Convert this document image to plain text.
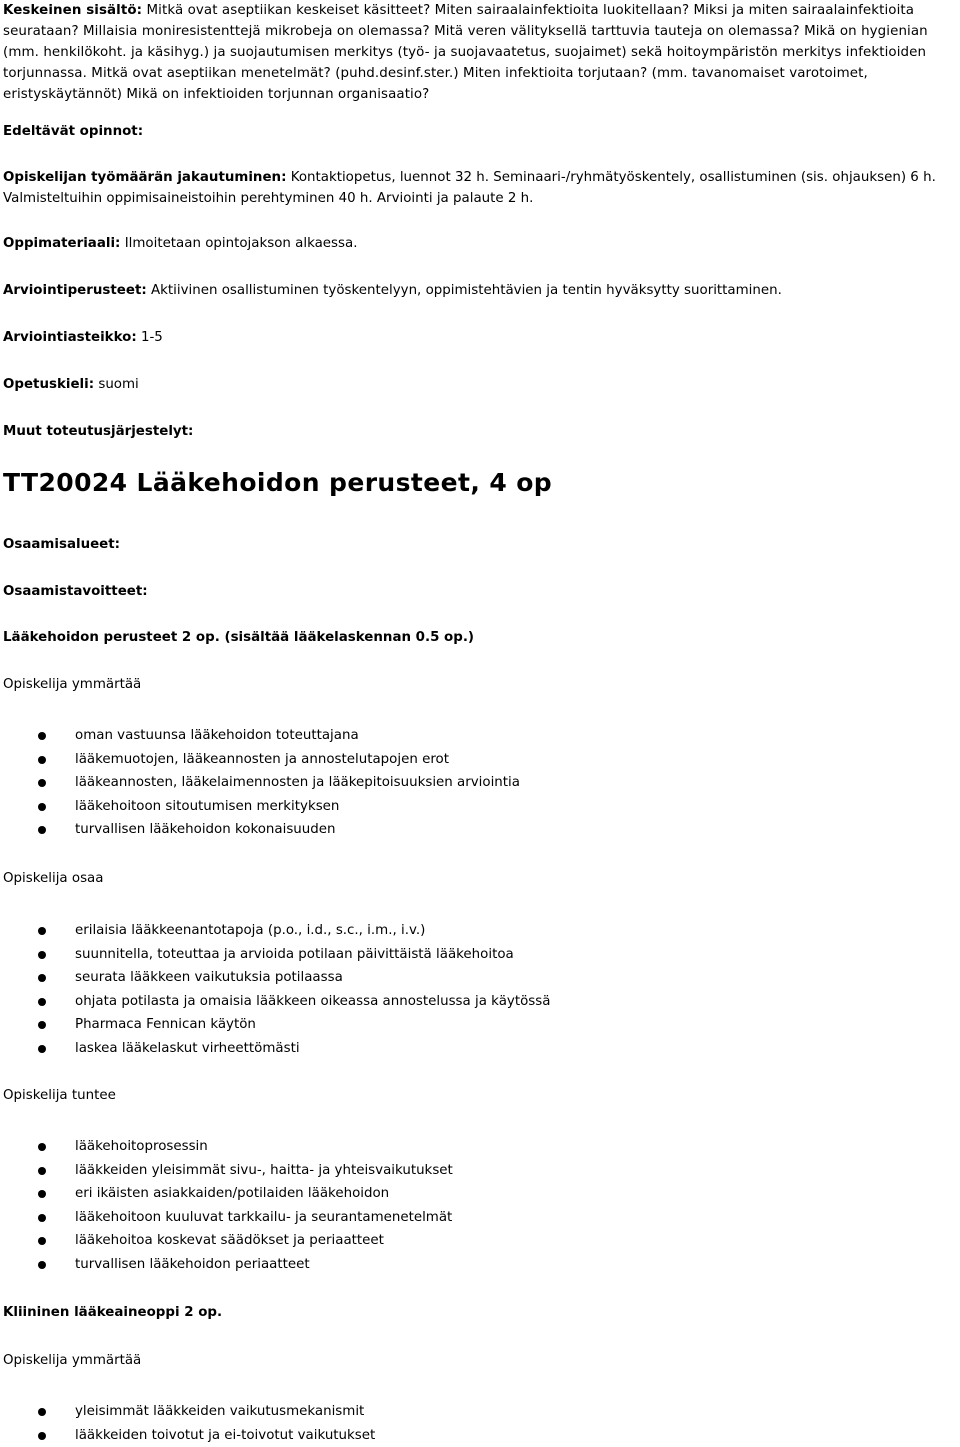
Keskeinen sisältö: Mitkä ovat aseptiikan keskeiset käsitteet? Miten sairaalainfektioita luokitellaan? Miksi ja miten sairaalainfektioita seurataan? Millaisia moniresistenttejä mikrobeja on olemassa? Mitä veren välityksellä tarttuvia tauteja on olemassa? Mikä on hygienian (mm. henkilökoht. ja käsihyg.) ja suojautumisen merkitys (työ- ja suojavaatetus, suojaimet) sekä hoitoympäristön merkitys infektioiden torjunnassa. Mitkä ovat aseptiikan menetelmät? (puhd.desinf.ster.) Miten infektioita torjutaan? (mm. tavanomaiset varotoimet, eristyskäytännöt) Mikä on infektioiden torjunnan organisaatio?

Edeltävät opinnot:

Opiskelijan työmäärän jakautuminen: Kontaktiopetus, luennot 32 h. Seminaari-/ryhmätyöskentely, osallistuminen (sis. ohjauksen) 6 h. Valmisteltuihin oppimisaineistoihin perehtyminen 40 h. Arviointi ja palaute 2 h.

Oppimateriaali: Ilmoitetaan opintojakson alkaessa.

Arviointiperusteet: Aktiivinen osallistuminen työskentelyyn, oppimistehtävien ja tentin hyväksytty suorittaminen.

Arviointiasteikko: 1-5

Opetuskieli: suomi

Muut toteutusjärjestelyt:

TT20024 Lääkehoidon perusteet, 4 op

Osaamisalueet:

Osaamistavoitteet:

Lääkehoidon perusteet 2 op. (sisältää lääkelaskennan 0.5 op.)

Opiskelija ymmärtää

oman vastuunsa lääkehoidon toteuttajana
lääkemuotojen, lääkeannosten ja annostelutapojen erot
lääkeannosten, lääkelaimennosten ja lääkepitoisuuksien arviointia
lääkehoitoon sitoutumisen merkityksen
turvallisen lääkehoidon kokonaisuuden

Opiskelija osaa

erilaisia lääkkeenantotapoja (p.o., i.d., s.c., i.m., i.v.)
suunnitella, toteuttaa ja arvioida potilaan päivittäistä lääkehoitoa
seurata lääkkeen vaikutuksia potilaassa
ohjata potilasta ja omaisia lääkkeen oikeassa annostelussa ja käytössä
Pharmaca Fennican käytön
laskea lääkelaskut virheettömästi

Opiskelija tuntee

lääkehoitoprosessin
lääkkeiden yleisimmät sivu-, haitta- ja yhteisvaikutukset
eri ikäisten asiakkaiden/potilaiden lääkehoidon
lääkehoitoon kuuluvat tarkkailu- ja seurantamenetelmät
lääkehoitoa koskevat säädökset ja periaatteet
turvallisen lääkehoidon periaatteet

Kliininen lääkeaineoppi 2 op.

Opiskelija ymmärtää

yleisimmät lääkkeiden vaikutusmekanismit
lääkkeiden toivotut ja ei-toivotut vaikutukset
